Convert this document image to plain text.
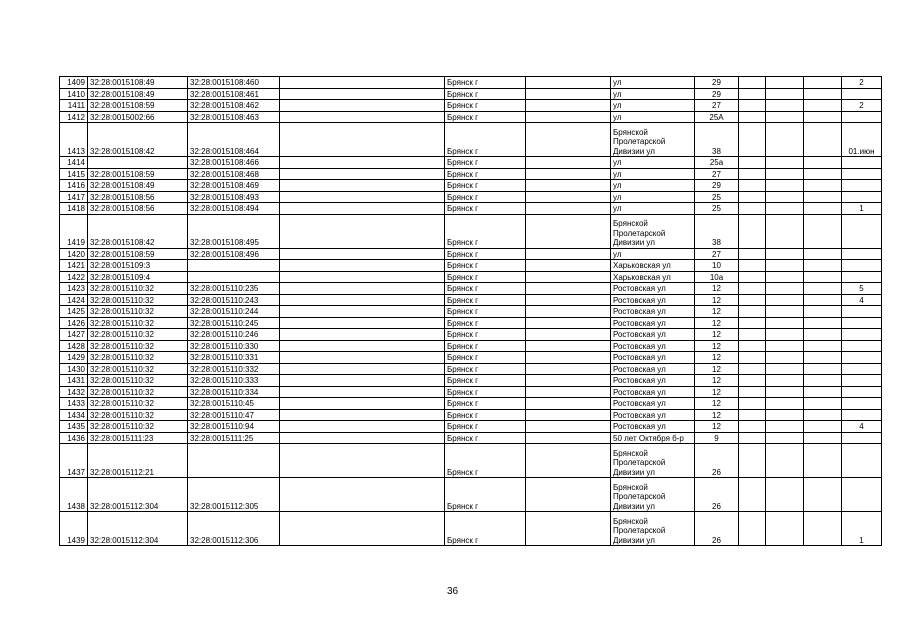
1409	32:28:0015108:49	32:28:0015108:460		Брянск г		ул	29				2
1410	32:28:0015108:49	32:28:0015108:461		Брянск г		ул	29				
1411	32:28:0015108:59	32:28:0015108:462		Брянск г		ул	27				2
1412	32:28:0015002:66	32:28:0015108:463		Брянск г		ул	25А				
1413	32:28:0015108:42	32:28:0015108:464		Брянск г		Брянской Пролетарской Дивизии ул	38				01.июн
1414		32:28:0015108:466		Брянск г		ул	25а				
1415	32:28:0015108:59	32:28:0015108:468		Брянск г		ул	27				
1416	32:28:0015108:49	32:28:0015108:469		Брянск г		ул	29				
1417	32:28:0015108:56	32:28:0015108:493		Брянск г		ул	25				
1418	32:28:0015108:56	32:28:0015108:494		Брянск г		ул	25				1
1419	32:28:0015108:42	32:28:0015108:495		Брянск г		Брянской Пролетарской Дивизии ул	38				
1420	32:28:0015108:59	32:28:0015108:496		Брянск г		ул	27				
1421	32:28:0015109:3			Брянск г		Харьковская ул	10				
1422	32:28:0015109:4			Брянск г		Харьковская ул	10а				
1423	32:28:0015110:32	32:28:0015110:235		Брянск г		Ростовская ул	12				5
1424	32:28:0015110:32	32:28:0015110:243		Брянск г		Ростовская ул	12				4
1425	32:28:0015110:32	32:28:0015110:244		Брянск г		Ростовская ул	12				
1426	32:28:0015110:32	32:28:0015110:245		Брянск г		Ростовская ул	12				
1427	32:28:0015110:32	32:28:0015110:246		Брянск г		Ростовская ул	12				
1428	32:28:0015110:32	32:28:0015110:330		Брянск г		Ростовская ул	12				
1429	32:28:0015110:32	32:28:0015110:331		Брянск г		Ростовская ул	12				
1430	32:28:0015110:32	32:28:0015110:332		Брянск г		Ростовская ул	12				
1431	32:28:0015110:32	32:28:0015110:333		Брянск г		Ростовская ул	12				
1432	32:28:0015110:32	32:28:0015110:334		Брянск г		Ростовская ул	12				
1433	32:28:0015110:32	32:28:0015110:45		Брянск г		Ростовская ул	12				
1434	32:28:0015110:32	32:28:0015110:47		Брянск г		Ростовская ул	12				
1435	32:28:0015110:32	32:28:0015110:94		Брянск г		Ростовская ул	12				4
1436	32:28:0015111:23	32:28:0015111:25		Брянск г		50 лет Октября б-р	9				
1437	32:28:0015112:21			Брянск г		Брянской Пролетарской Дивизии ул	26				
1438	32:28:0015112:304	32:28:0015112:305		Брянск г		Брянской Пролетарской Дивизии ул	26				
1439	32:28:0015112:304	32:28:0015112:306		Брянск г		Брянской Пролетарской Дивизии ул	26				1
36
